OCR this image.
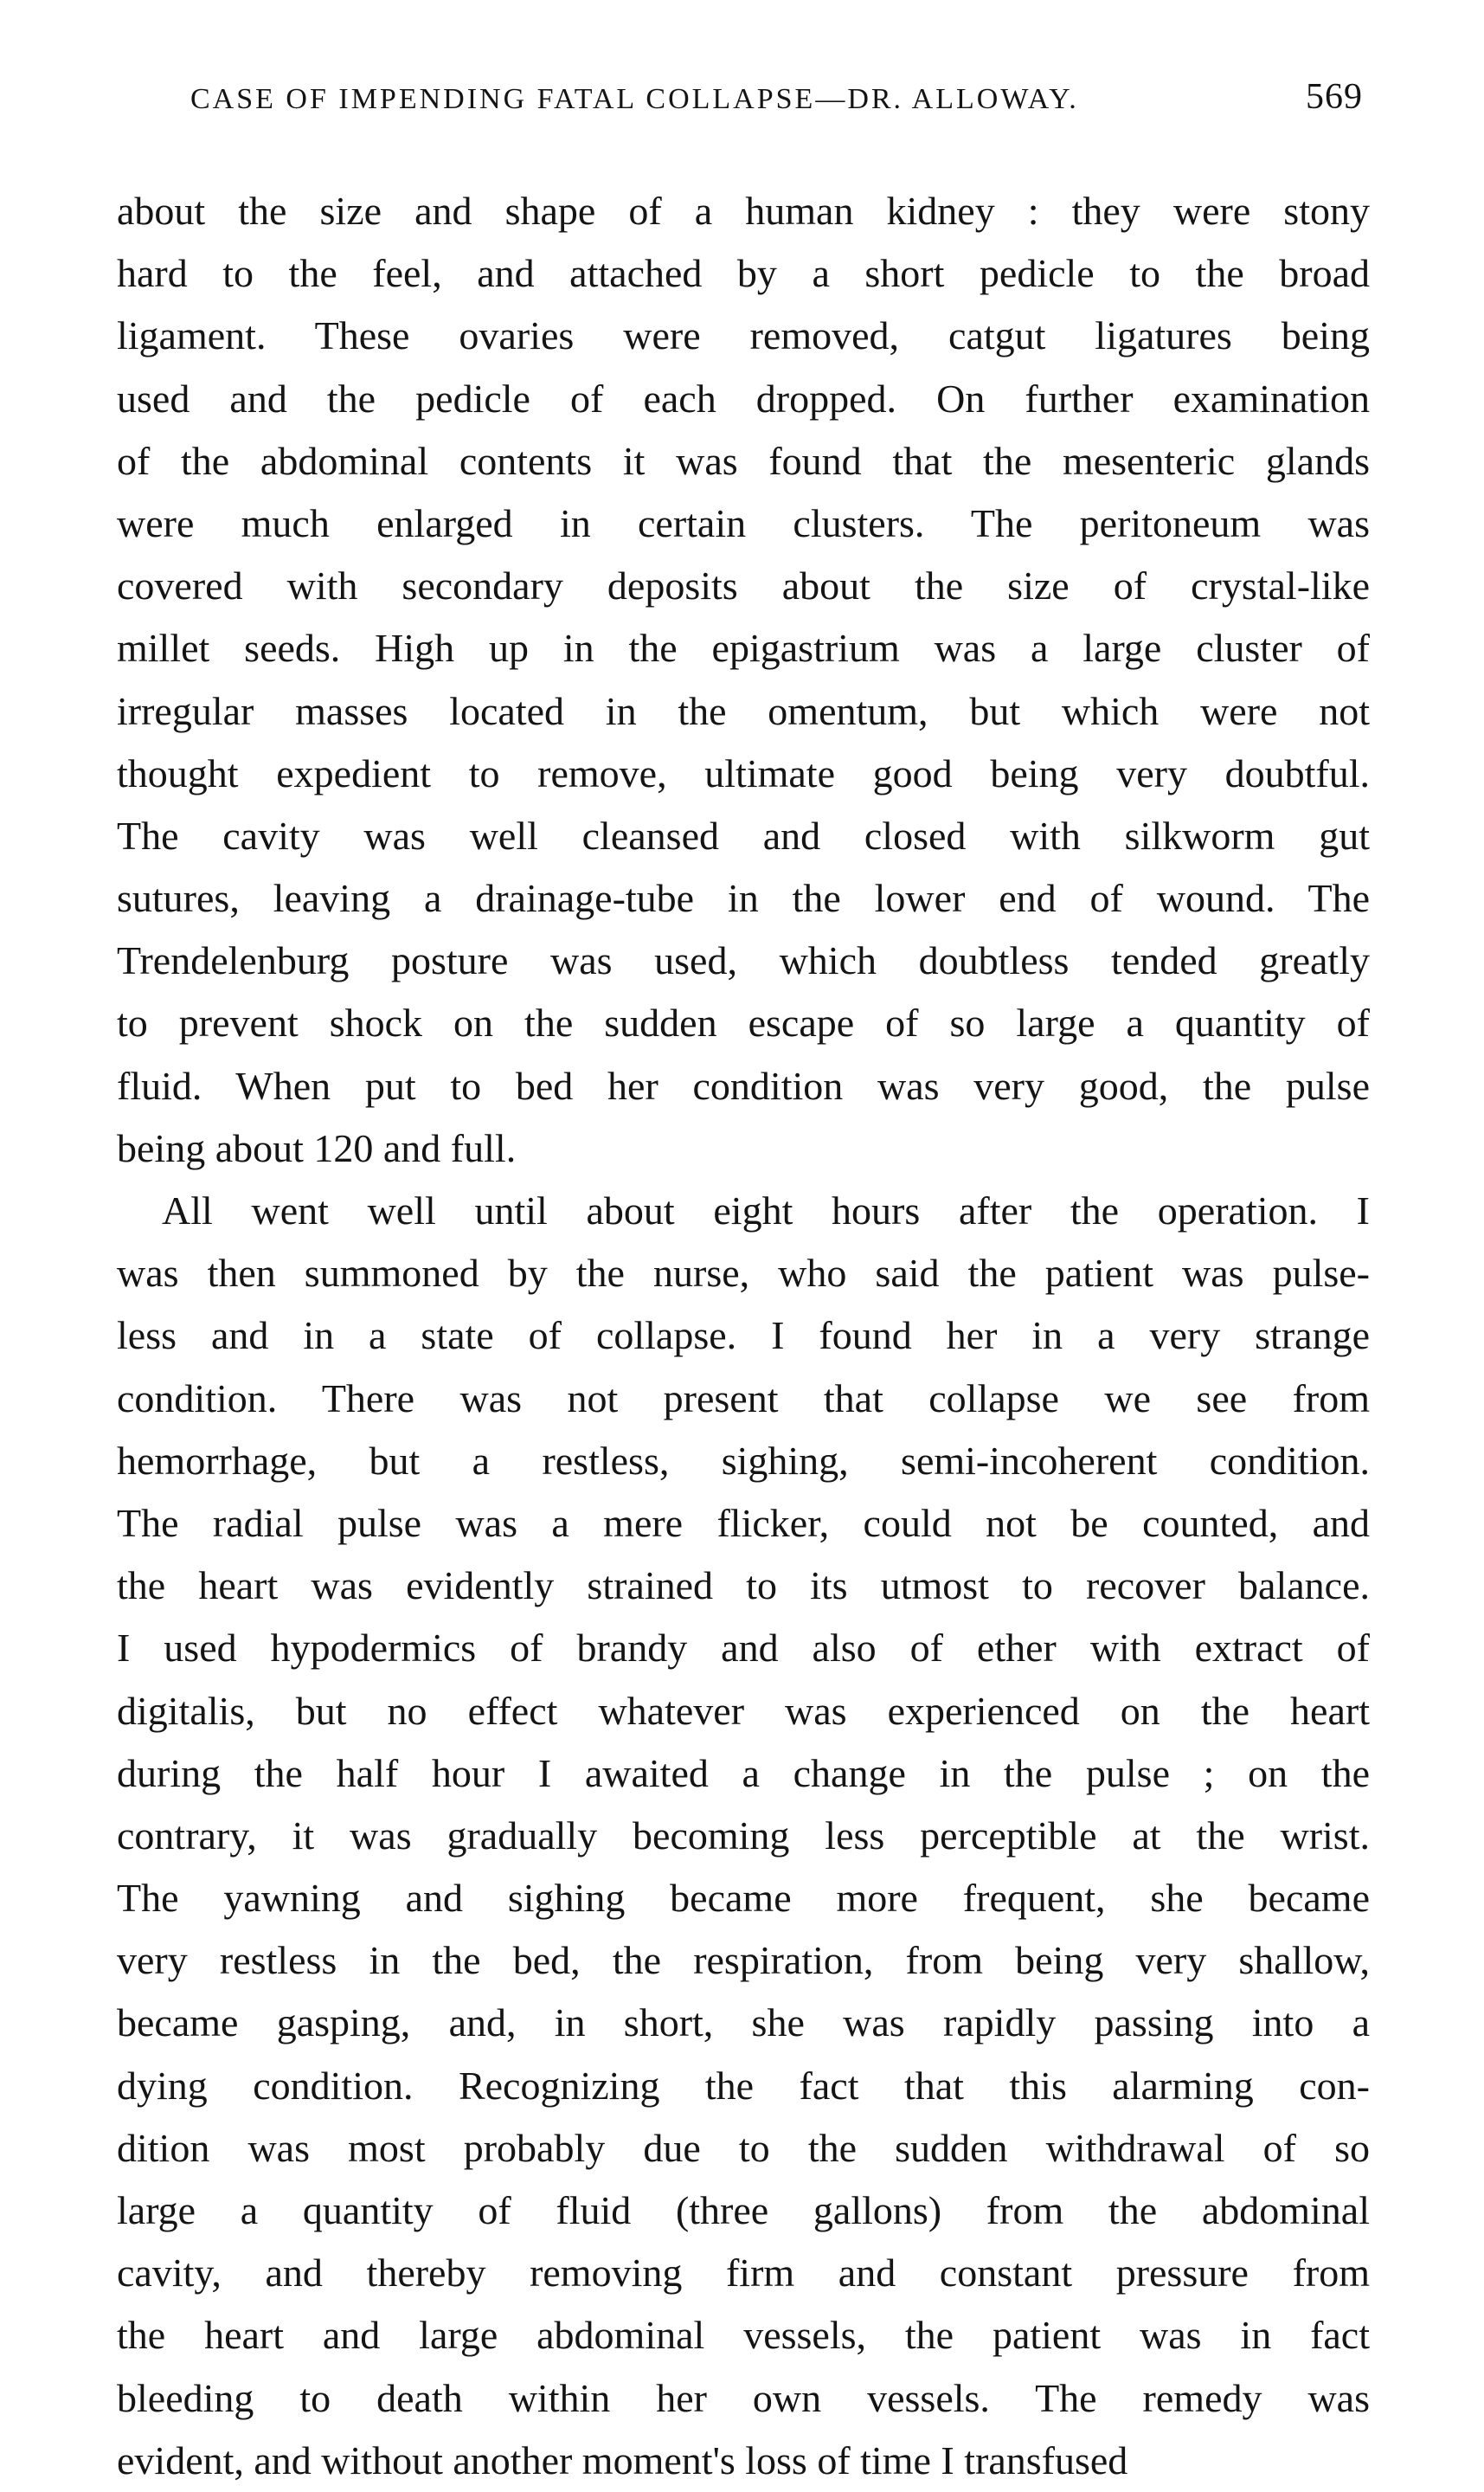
CASE OF IMPENDING FATAL COLLAPSE—DR. ALLOWAY.	569
about the size and shape of a human kidney : they were stony
hard to the feel, and attached by a short pedicle to the broad
ligament. These ovaries were removed, catgut ligatures being
used and the pedicle of each dropped. On further examination
of the abdominal contents it was found that the mesenteric glands
were much enlarged in certain clusters. The peritoneum was
covered with secondary deposits about the size of crystal-like
millet seeds. High up in the epigastrium was a large cluster of
irregular masses located in the omentum, but which were not
thought expedient to remove, ultimate good being very doubtful.
The cavity was well cleansed and closed with silkworm gut
sutures, leaving a drainage-tube in the lower end of wound. The
Trendelenburg posture was used, which doubtless tended greatly
to prevent shock on the sudden escape of so large a quantity of
fluid. When put to bed her condition was very good, the pulse
being about 120 and full.
All went well until about eight hours after the operation. I
was then summoned by the nurse, who said the patient was pulse-
less and in a state of collapse. I found her in a very strange
condition. There was not present that collapse we see from
hemorrhage, but a restless, sighing, semi-incoherent condition.
The radial pulse was a mere flicker, could not be counted, and
the heart was evidently strained to its utmost to recover balance.
I used hypodermics of brandy and also of ether with extract of
digitalis, but no effect whatever was experienced on the heart
during the half hour I awaited a change in the pulse ; on the
contrary, it was gradually becoming less perceptible at the wrist.
The yawning and sighing became more frequent, she became
very restless in the bed, the respiration, from being very shallow,
became gasping, and, in short, she was rapidly passing into a
dying condition. Recognizing the fact that this alarming con-
dition was most probably due to the sudden withdrawal of so
large a quantity of fluid (three gallons) from the abdominal
cavity, and thereby removing firm and constant pressure from
the heart and large abdominal vessels, the patient was in fact
bleeding to death within her own vessels. The remedy was
evident, and without another moment's loss of time I transfused
